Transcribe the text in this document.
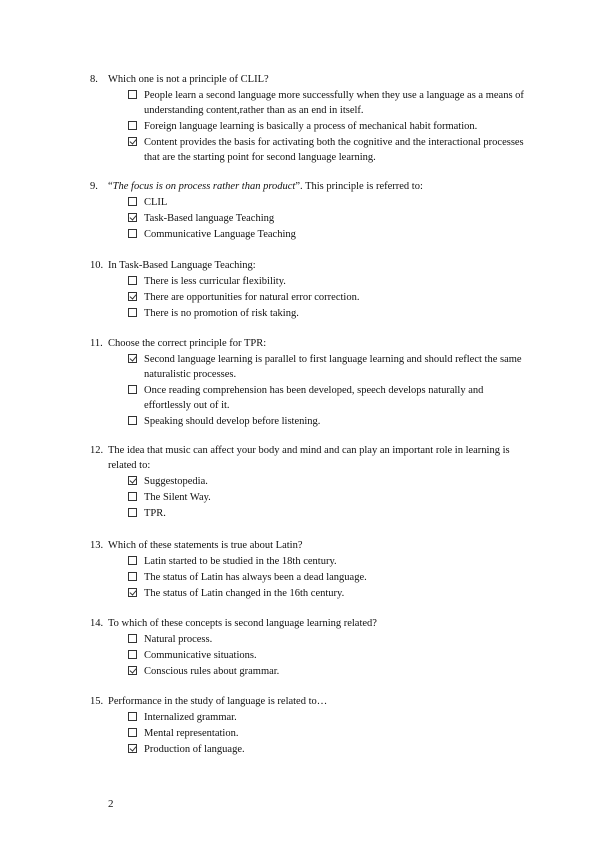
8. Which one is not a principle of CLIL?
People learn a second language more successfully when they use a language as a means of understanding content,rather than as an end in itself.
Foreign language learning is basically a process of mechanical habit formation.
Content provides the basis for activating both the cognitive and the interactional processes that are the starting point for second language learning.
9. “The focus is on process rather than product”. This principle is referred to:
CLIL
Task-Based language Teaching
Communicative Language Teaching
10. In Task-Based Language Teaching:
There is less curricular flexibility.
There are opportunities for natural error correction.
There is no promotion of risk taking.
11. Choose the correct principle for TPR:
Second language learning is parallel to first language learning and should reflect the same naturalistic processes.
Once reading comprehension has been developed, speech develops naturally and effortlessly out of it.
Speaking should develop before listening.
12. The idea that music can affect your body and mind and can play an important role in learning is related to:
Suggestopedia.
The Silent Way.
TPR.
13. Which of these statements is true about Latin?
Latin started to be studied in the 18th century.
The status of Latin has always been a dead language.
The status of Latin changed in the 16th century.
14. To which of these concepts is second language learning related?
Natural process.
Communicative situations.
Conscious rules about grammar.
15. Performance in the study of language is related to…
Internalized grammar.
Mental representation.
Production of language.
2
